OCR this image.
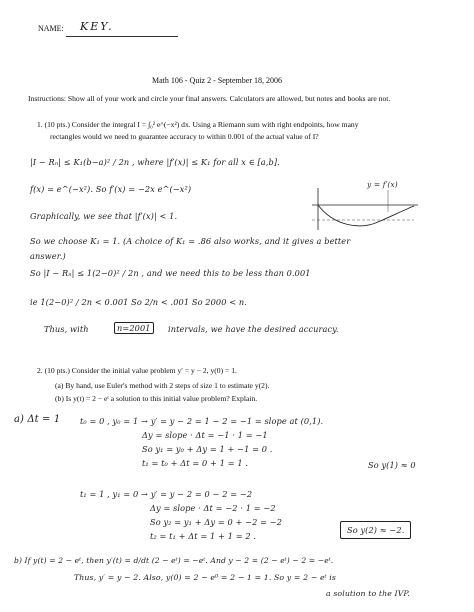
NAME: KEY.
Math 106 - Quiz 2 - September 18, 2006
Instructions: Show all of your work and circle your final answers. Calculators are allowed, but notes and books are not.
1. (10 pts.) Consider the integral I = ∫₀² e^(−x²) dx. Using a Riemann sum with right endpoints, how many
rectangles would we need to guarantee accuracy to within 0.001 of the actual value of I?
|I − Rₙ| ≤ K₁(b−a)² / 2n , where |f′(x)| ≤ K₁ for all x ∈ [a,b].
f(x) = e^(−x²). So f′(x) = −2x e^(−x²)
Graphically, we see that |f′(x)| < 1.
y = f′(x)
So we choose K₁ = 1. (A choice of K₁ = .86 also works, and it gives a better
answer.)
So |I − Rₙ| ≤ 1(2−0)² / 2n , and we need this to be less than 0.001
ie 1(2−0)² / 2n < 0.001 So 2/n < .001 So 2000 < n.
Thus, with	n=2001	intervals, we have the desired accuracy.
2. (10 pts.) Consider the initial value problem y′ = y − 2, y(0) = 1.
(a) By hand, use Euler's method with 2 steps of size 1 to estimate y(2).
(b) Is y(t) = 2 − eᵗ a solution to this initial value problem? Explain.
a) Δt = 1 t₀ = 0 , y₀ = 1 → y′ = y − 2 = 1 − 2 = −1 = slope at (0,1).
Δy = slope · Δt = −1 · 1 = −1
So y₁ = y₀ + Δy = 1 + −1 = 0 .
t₁ = t₀ + Δt = 0 + 1 = 1 .	So y(1) ≈ 0
t₁ = 1 , y₁ = 0 → y′ = y − 2 = 0 − 2 = −2
Δy = slope · Δt = −2 · 1 = −2
So y₂ = y₁ + Δy = 0 + −2 = −2
t₂ = t₁ + Δt = 1 + 1 = 2 .
So y(2) ≈ −2.
b) If y(t) = 2 − eᵗ, then y′(t) = d/dt (2 − eᵗ) = −eᵗ. And y − 2 = (2 − eᵗ) − 2 = −eᵗ.
Thus, y′ = y − 2. Also, y(0) = 2 − e⁰ = 2 − 1 = 1. So y = 2 − eᵗ is
a solution to the IVP.
